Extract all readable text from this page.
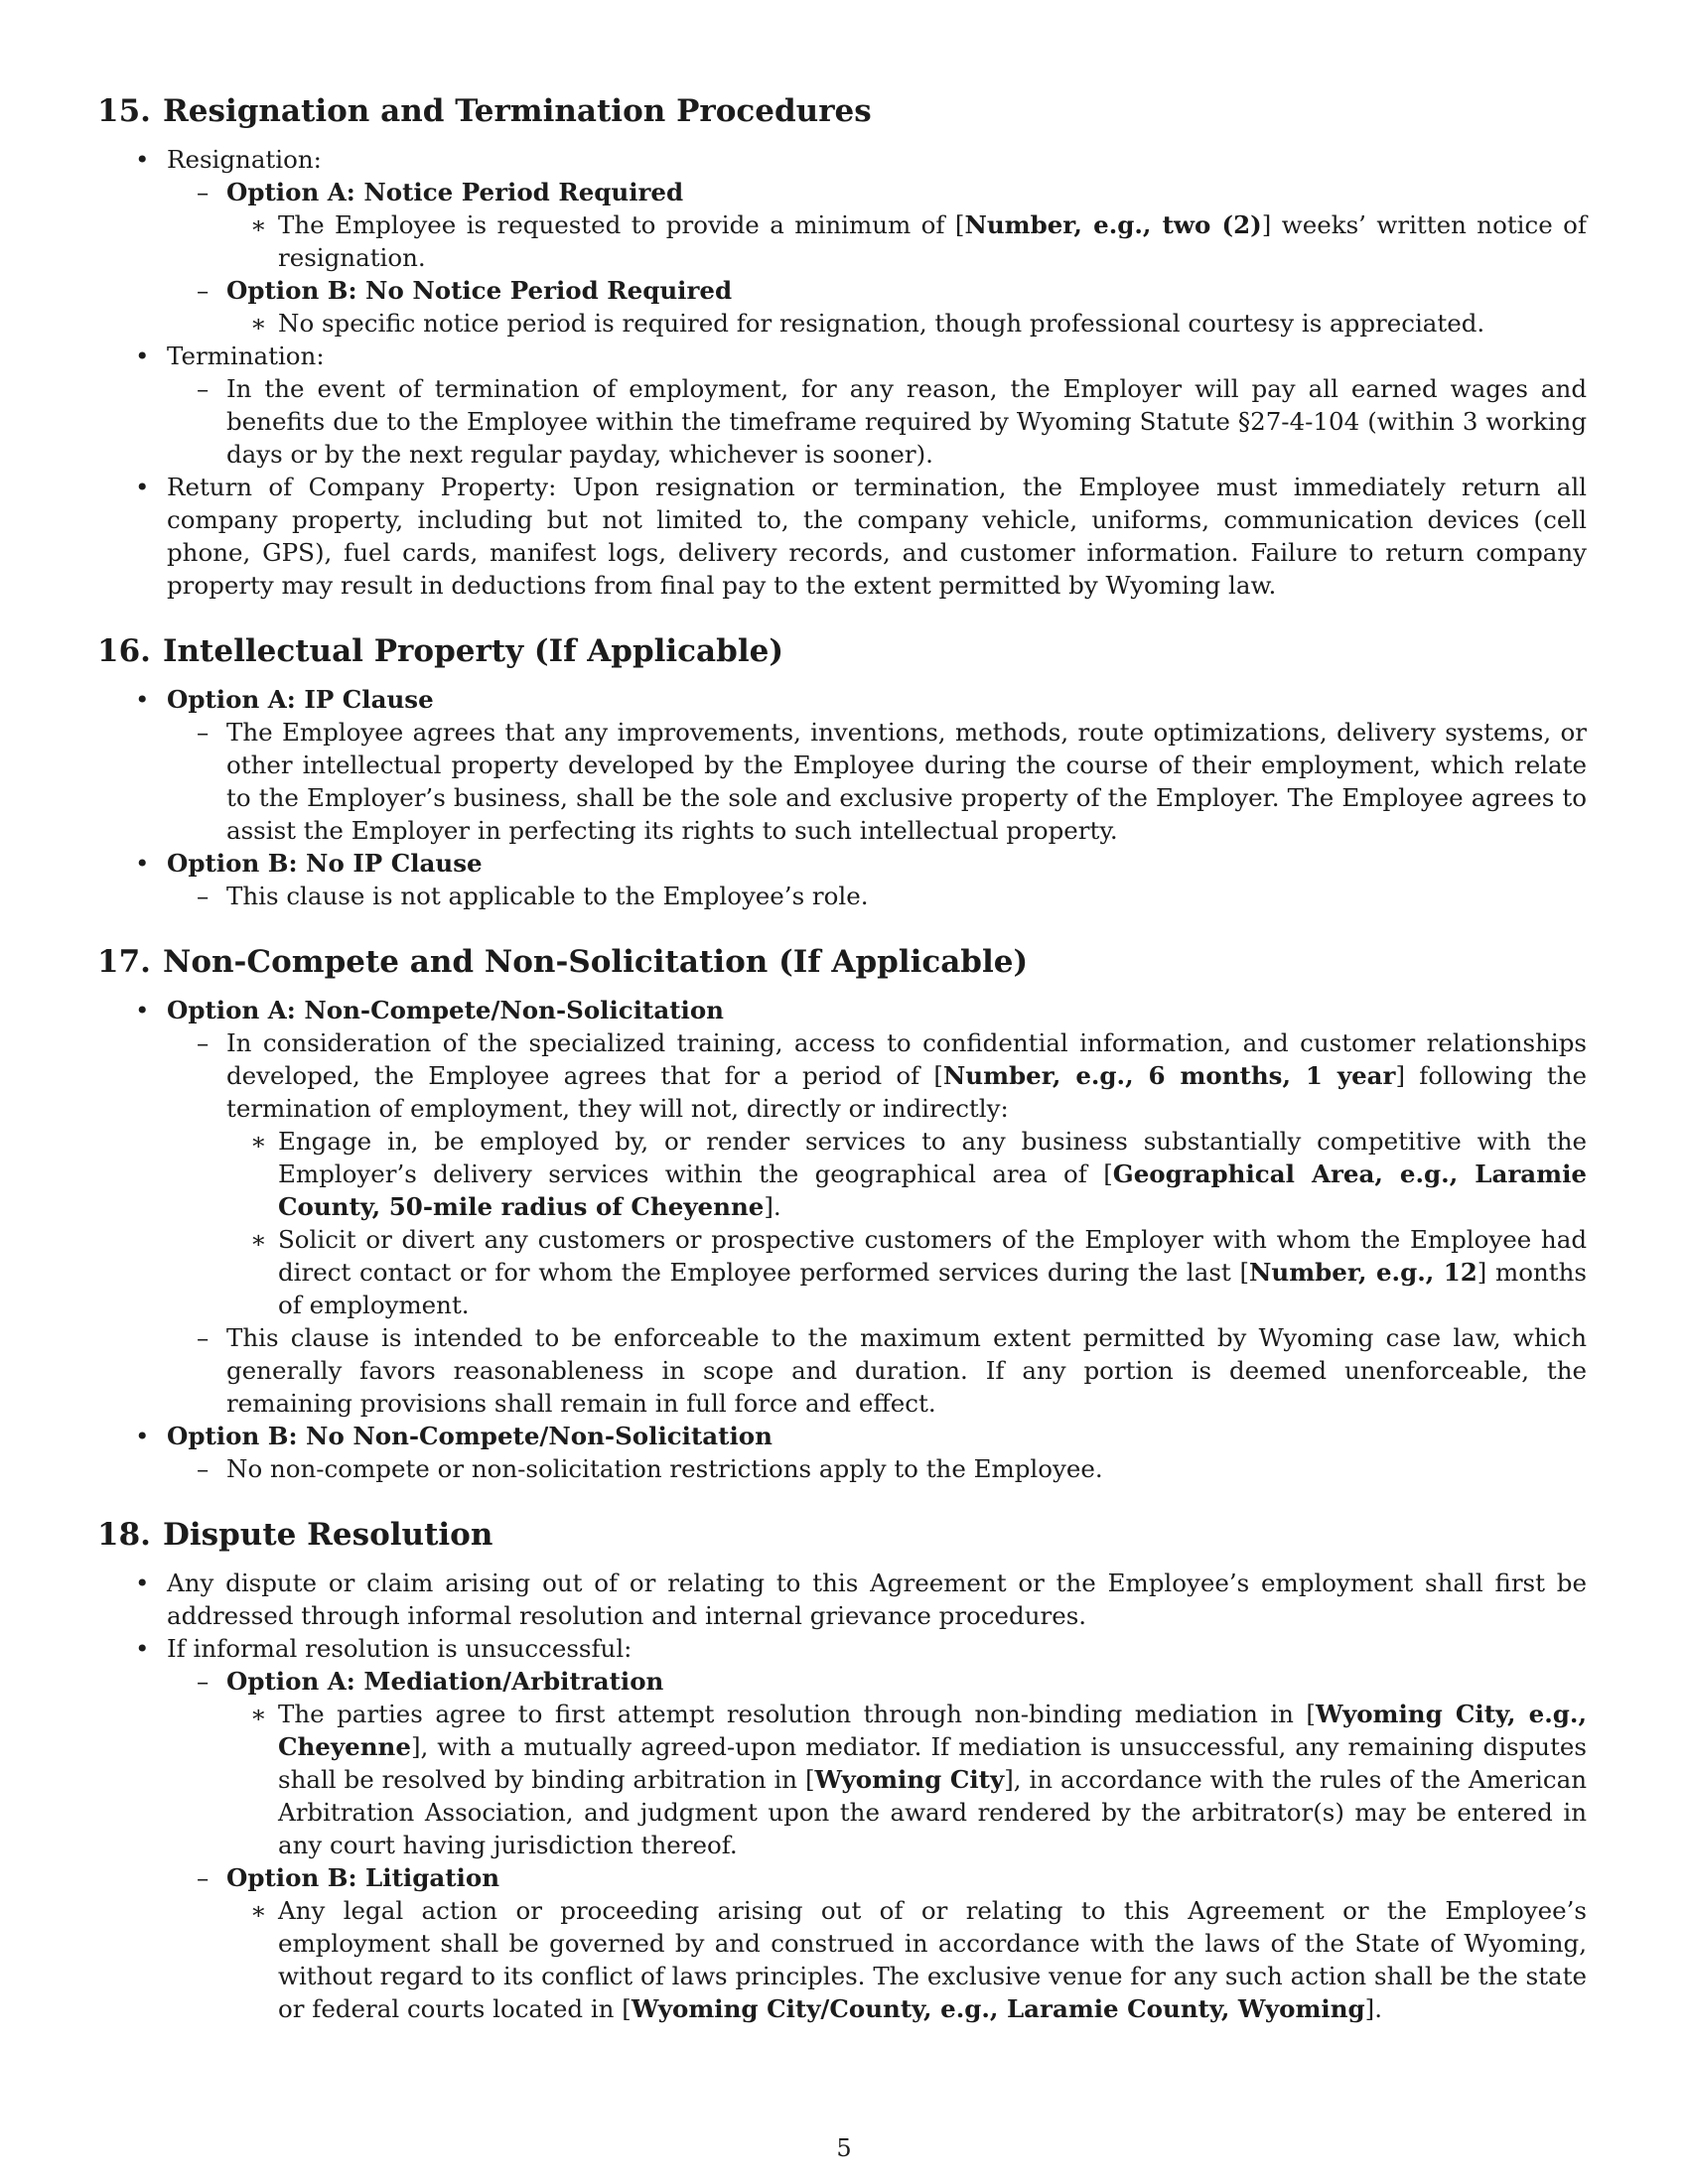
15. Resignation and Termination Procedures
• Resignation:
– Option A: Notice Period Required
∗ The Employee is requested to provide a minimum of [Number, e.g., two (2)] weeks’ written notice of resignation.
– Option B: No Notice Period Required
∗ No specific notice period is required for resignation, though professional courtesy is appreciated.
• Termination:
– In the event of termination of employment, for any reason, the Employer will pay all earned wages and benefits due to the Employee within the timeframe required by Wyoming Statute §27-4-104 (within 3 working days or by the next regular payday, whichever is sooner).
• Return of Company Property: Upon resignation or termination, the Employee must immediately return all company property, including but not limited to, the company vehicle, uniforms, communication devices (cell phone, GPS), fuel cards, manifest logs, delivery records, and customer information. Failure to return company property may result in deductions from final pay to the extent permitted by Wyoming law.
16. Intellectual Property (If Applicable)
• Option A: IP Clause
– The Employee agrees that any improvements, inventions, methods, route optimizations, delivery systems, or other intellectual property developed by the Employee during the course of their employment, which relate to the Employer’s business, shall be the sole and exclusive property of the Employer. The Employee agrees to assist the Employer in perfecting its rights to such intellectual property.
• Option B: No IP Clause
– This clause is not applicable to the Employee’s role.
17. Non-Compete and Non-Solicitation (If Applicable)
• Option A: Non-Compete/Non-Solicitation
– In consideration of the specialized training, access to confidential information, and customer relationships developed, the Employee agrees that for a period of [Number, e.g., 6 months, 1 year] following the termination of employment, they will not, directly or indirectly:
∗ Engage in, be employed by, or render services to any business substantially competitive with the Employer’s delivery services within the geographical area of [Geographical Area, e.g., Laramie County, 50-mile radius of Cheyenne].
∗ Solicit or divert any customers or prospective customers of the Employer with whom the Employee had direct contact or for whom the Employee performed services during the last [Number, e.g., 12] months of employment.
– This clause is intended to be enforceable to the maximum extent permitted by Wyoming case law, which generally favors reasonableness in scope and duration. If any portion is deemed unenforceable, the remaining provisions shall remain in full force and effect.
• Option B: No Non-Compete/Non-Solicitation
– No non-compete or non-solicitation restrictions apply to the Employee.
18. Dispute Resolution
• Any dispute or claim arising out of or relating to this Agreement or the Employee’s employment shall first be addressed through informal resolution and internal grievance procedures.
• If informal resolution is unsuccessful:
– Option A: Mediation/Arbitration
∗ The parties agree to first attempt resolution through non-binding mediation in [Wyoming City, e.g., Cheyenne], with a mutually agreed-upon mediator. If mediation is unsuccessful, any remaining disputes shall be resolved by binding arbitration in [Wyoming City], in accordance with the rules of the American Arbitration Association, and judgment upon the award rendered by the arbitrator(s) may be entered in any court having jurisdiction thereof.
– Option B: Litigation
∗ Any legal action or proceeding arising out of or relating to this Agreement or the Employee’s employment shall be governed by and construed in accordance with the laws of the State of Wyoming, without regard to its conflict of laws principles. The exclusive venue for any such action shall be the state or federal courts located in [Wyoming City/County, e.g., Laramie County, Wyoming].
5
